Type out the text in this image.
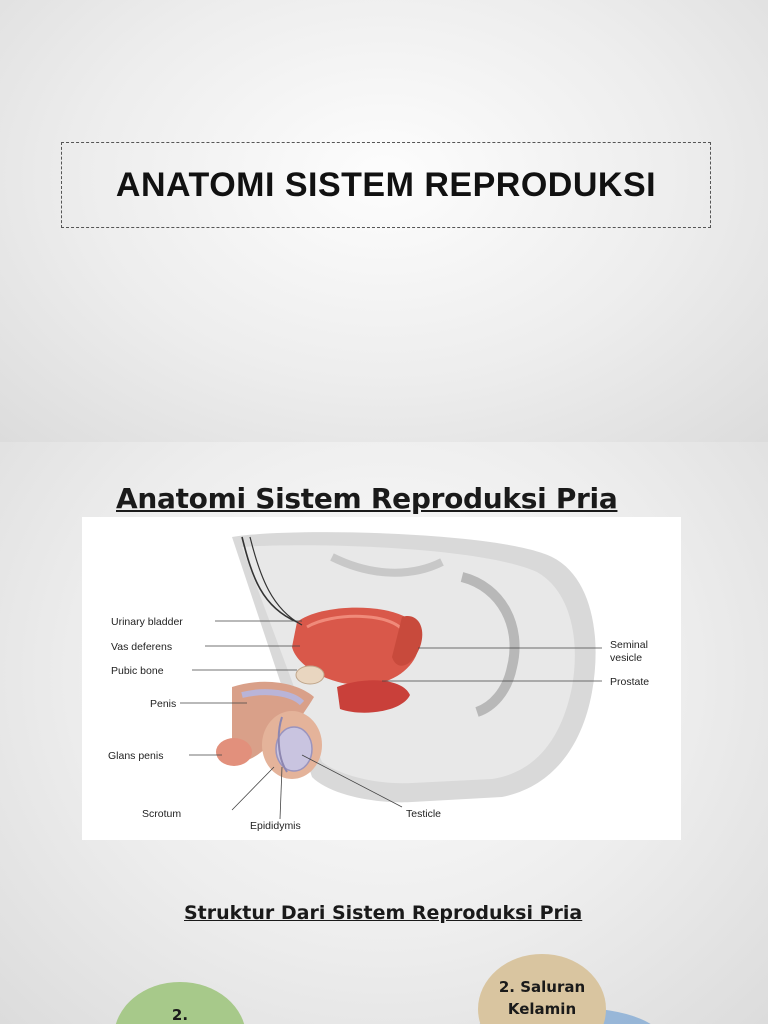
ANATOMI SISTEM REPRODUKSI
Anatomi Sistem Reproduksi Pria
Urinary bladder
Vas deferens
Pubic bone
Penis
Glans penis
Scrotum
Epididymis
Testicle
Seminal
vesicle
Prostate
Struktur Dari Sistem Reproduksi Pria
2.
2. Saluran
Kelamin
